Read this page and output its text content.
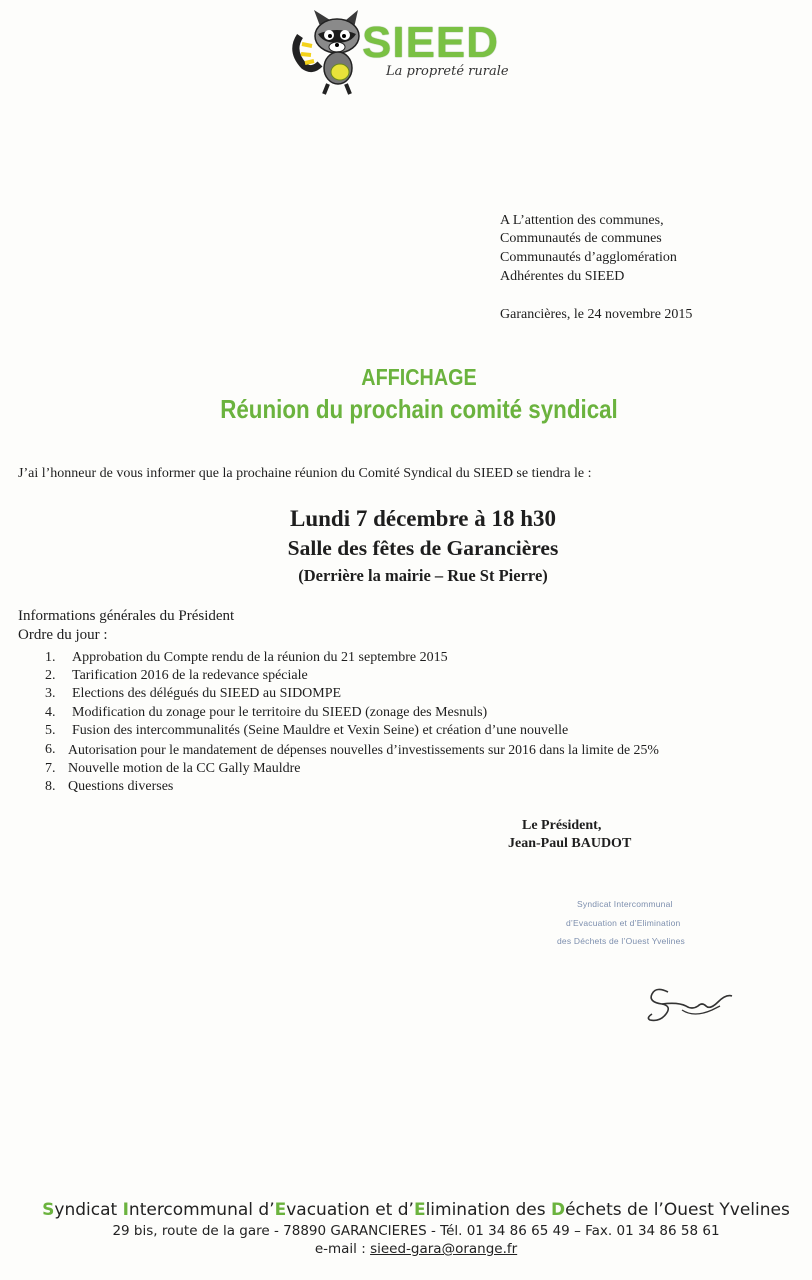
SIEED
La propreté rurale
A L’attention des communes,
Communautés de communes
Communautés d’agglomération
Adhérentes du SIEED
Garancières, le 24 novembre 2015
AFFICHAGE
Réunion du prochain comité syndical
J’ai l’honneur de vous informer que la prochaine réunion du Comité Syndical du SIEED se tiendra le :
Lundi 7 décembre à 18 h30
Salle des fêtes de Garancières
(Derrière la mairie – Rue St Pierre)
Informations générales du Président
Ordre du jour :
1. Approbation du Compte rendu de la réunion du 21 septembre 2015
2. Tarification 2016 de la redevance spéciale
3. Elections des délégués du SIEED au SIDOMPE
4. Modification du zonage pour le territoire du SIEED (zonage des Mesnuls)
5. Fusion des intercommunalités (Seine Mauldre et Vexin Seine) et création d’une nouvelle
6. Autorisation pour le mandatement de dépenses nouvelles d’investissements sur 2016 dans la limite de 25%
7. Nouvelle motion de la CC Gally Mauldre
8. Questions diverses
Le Président,
Jean-Paul BAUDOT
Syndicat Intercommunal
d’Evacuation et d’Elimination
des Déchets de l’Ouest Yvelines
Syndicat Intercommunal d’Evacuation et d’Elimination des Déchets de l’Ouest Yvelines
29 bis, route de la gare - 78890 GARANCIERES - Tél. 01 34 86 65 49 – Fax. 01 34 86 58 61
e-mail : sieed-gara@orange.fr
